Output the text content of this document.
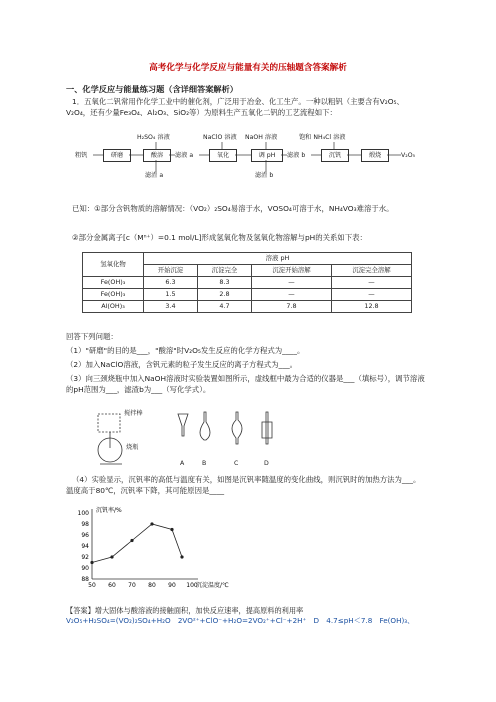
高考化学与化学反应与能量有关的压轴题含答案解析
一、化学反应与能量练习题（含详细答案解析）
1．五氧化二钒常用作化学工业中的催化剂，广泛用于冶金、化工生产。一种以粗钒（主要含有V₂O₅、V₂O₄，还有少量Fe₃O₄、Al₂O₃、SiO₂等）为原料生产五氧化二钒的工艺流程如下：
粗钒	研磨	酸溶	滤液 a	氧化	调 pH	滤液 b	沉钒	煅烧	V₂O₅
H₂SO₄ 溶液	NaClO 溶液 NaOH 溶液	饱和 NH₄Cl 溶液
滤渣 a	滤渣 b
已知：①部分含钒物质的溶解情况：（VO₂）₂SO₄易溶于水，VOSO₄可溶于水，NH₄VO₃难溶于水。
②部分金属离子[c（Mⁿ⁺）=0.1 mol/L]形成氢氧化物及氢氧化物溶解与pH的关系如下表：
氢氧化物	溶液 pH			
	开始沉淀	沉淀完全	沉淀开始溶解	沉淀完全溶解
Fe(OH)₃	6.3	8.3	—	—
Fe(OH)₃	1.5	2.8	—	—
Al(OH)₃	3.4	4.7	7.8	12.8
回答下列问题：
（1）"研磨"的目的是___，"酸溶"时V₂O₅发生反应的化学方程式为____。
（2）加入NaClO溶液，含钒元素的粒子发生反应的离子方程式为___。
（3）向三颈烧瓶中加入NaOH溶液时实验装置如图所示，虚线框中最为合适的仪器是___（填标号），调节溶液的pH范围为___，滤渣b为___（写化学式）。
搅拌棒
烧瓶
A	B	C	D
（4）实验显示，沉钒率的高低与温度有关，如图是沉钒率随温度的变化曲线，则沉钒时的加热方法为___。温度高于80℃，沉钒率下降，其可能原因是____
88
90
92
94
96
98
100
50 60 70 80 90 100
沉钒率/%
沉淀温度/℃
【答案】增大固体与酸溶液的接触面积，加快反应速率，提高原料的利用率
V₂O₅+H₂SO₄=(VO₂)₂SO₄+H₂O　2VO²⁺+ClO⁻+H₂O=2VO₂⁺+Cl⁻+2H⁺　D　4.7≤pH＜7.8　Fe(OH)₃、
